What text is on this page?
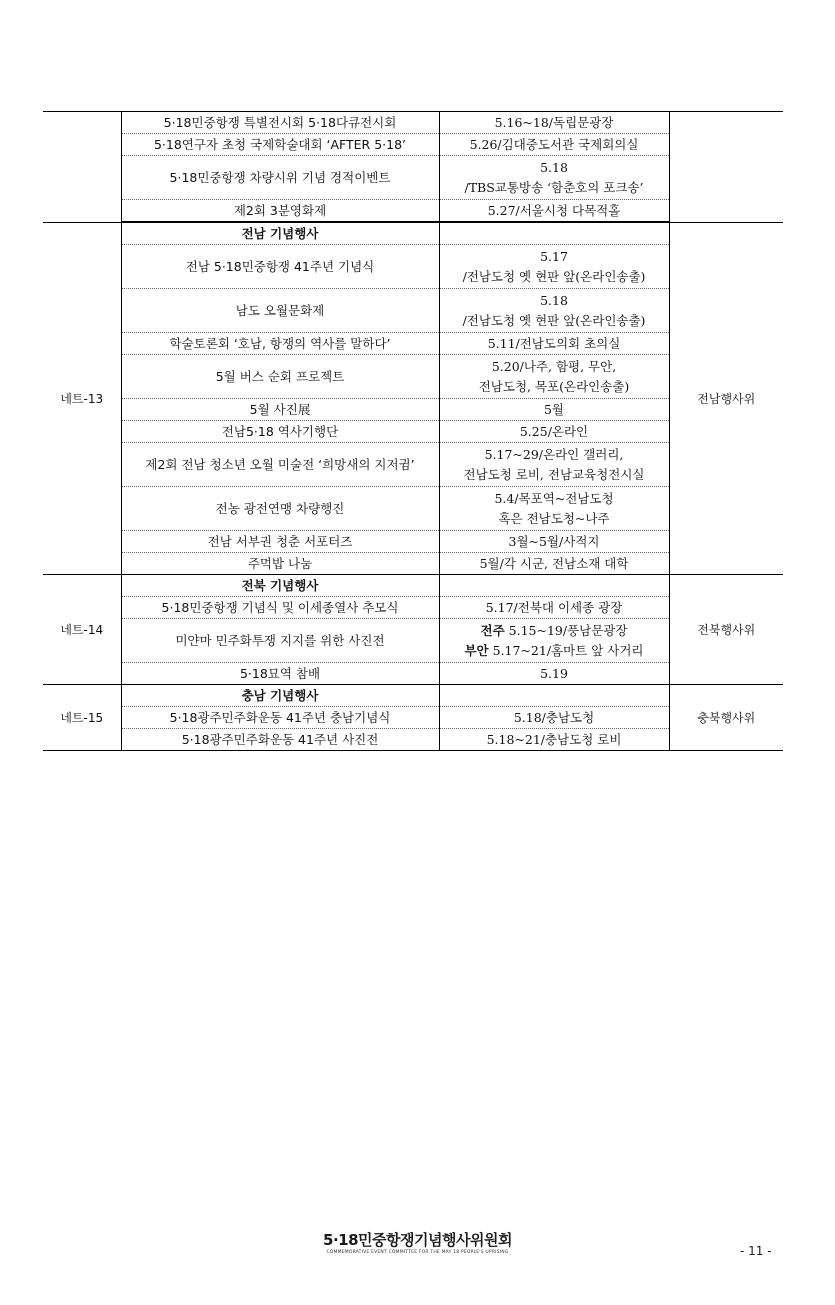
	5·18민중항쟁 특별전시회 5·18다큐전시회	5.16~18/독립문광장	

	5·18연구자 초청 국제학술대회 ‘AFTER 5·18’	5.26/김대중도서관 국제회의실	

	5·18민중항쟁 차량시위 기념 경적이벤트	5.18
/TBS교통방송 ‘함춘호의 포크송’	

	제2회 3분영화제	5.27/서울시청 다목적홀	

네트-13	전남 기념행사		전남행사위
	전남 5·18민중항쟁 41주년 기념식	5.17
/전남도청 옛 현판 앞(온라인송출)	

	남도 오월문화제	5.18
/전남도청 옛 현판 앞(온라인송출)	

	학술토론회 ‘호남, 항쟁의 역사를 말하다’	5.11/전남도의회 초의실	

	5월 버스 순회 프로젝트	5.20/나주, 함평, 무안,
전남도청, 목포(온라인송출)	

	5월 사진展	5월	

	전남5·18 역사기행단	5.25/온라인	

	제2회 전남 청소년 오월 미술전 ‘희망새의 지저귐’	5.17~29/온라인 갤러리,
전남도청 로비, 전남교육청전시실	

	전농 광전연맹 차량행진	5.4/목포역~전남도청
혹은 전남도청~나주	

	전남 서부권 청춘 서포터즈	3월~5월/사적지	

	주먹밥 나눔	5월/각 시군, 전남소재 대학	

네트-14	전북 기념행사		전북행사위
	5·18민중항쟁 기념식 및 이세종열사 추모식	5.17/전북대 이세종 광장	

	미얀마 민주화투쟁 지지를 위한 사진전	전주 5.15~19/풍남문광장
부안 5.17~21/홈마트 앞 사거리	

	5·18묘역 참배	5.19	

네트-15	충남 기념행사		충북행사위
	5·18광주민주화운동 41주년 충남기념식	5.18/충남도청	

	5·18광주민주화운동 41주년 사진전	5.18~21/충남도청 로비	
5·18민중항쟁기념행사위원회
COMMEMORATIVE EVENT COMMITTEE FOR THE MAY 18 PEOPLE'S UPRISING	- 11 -
